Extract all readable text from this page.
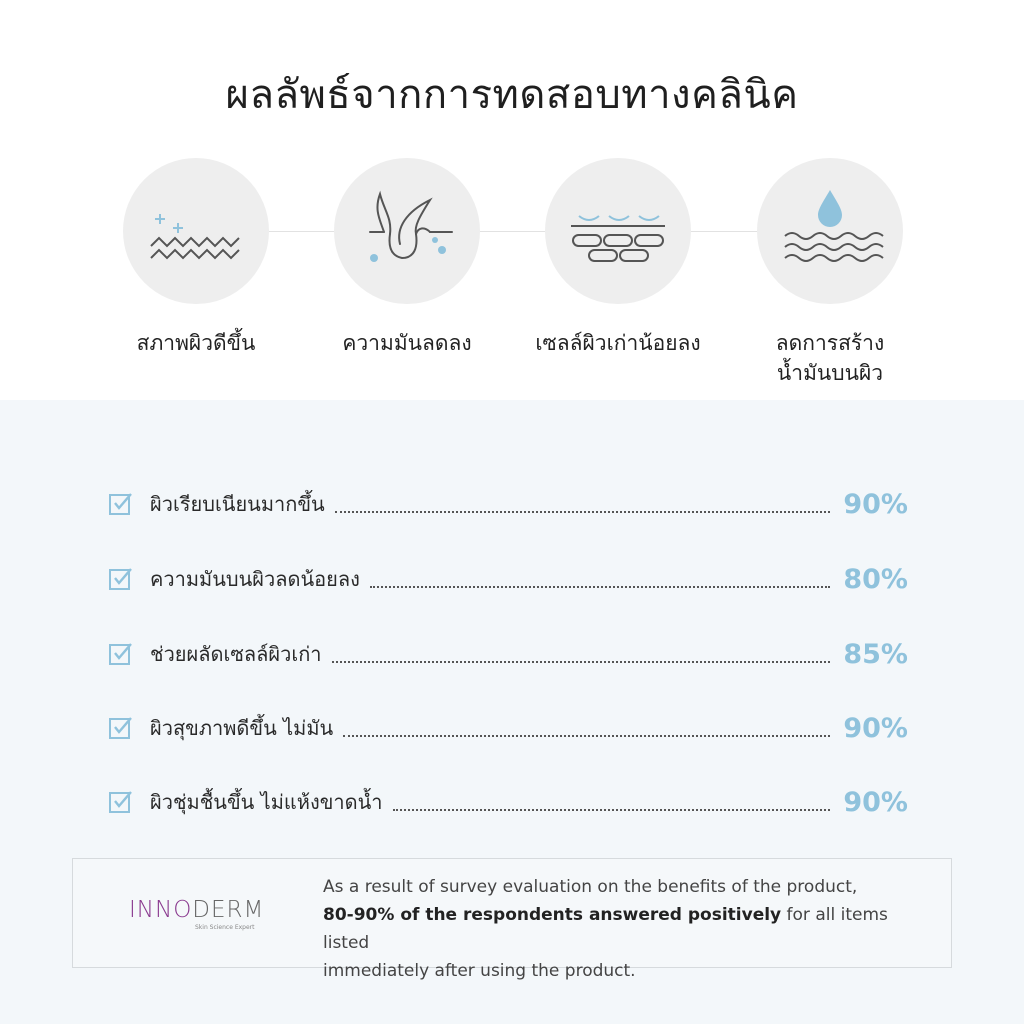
ผลลัพธ์จากการทดสอบทางคลินิค
สภาพผิวดีขึ้น	ความมันลดลง	เซลล์ผิวเก่าน้อยลง	ลดการสร้าง
น้ำมันบนผิว
ผิวเรียบเนียนมากขึ้น	90%
ความมันบนผิวลดน้อยลง	80%
ช่วยผลัดเซลล์ผิวเก่า	85%
ผิวสุขภาพดีขึ้น ไม่มัน	90%
ผิวชุ่มชื้นขึ้น ไม่แห้งขาดน้ำ	90%
INNODERM
Skin Science Expert
As a result of survey evaluation on the benefits of the product,
80-90% of the respondents answered positively for all items listed
immediately after using the product.
